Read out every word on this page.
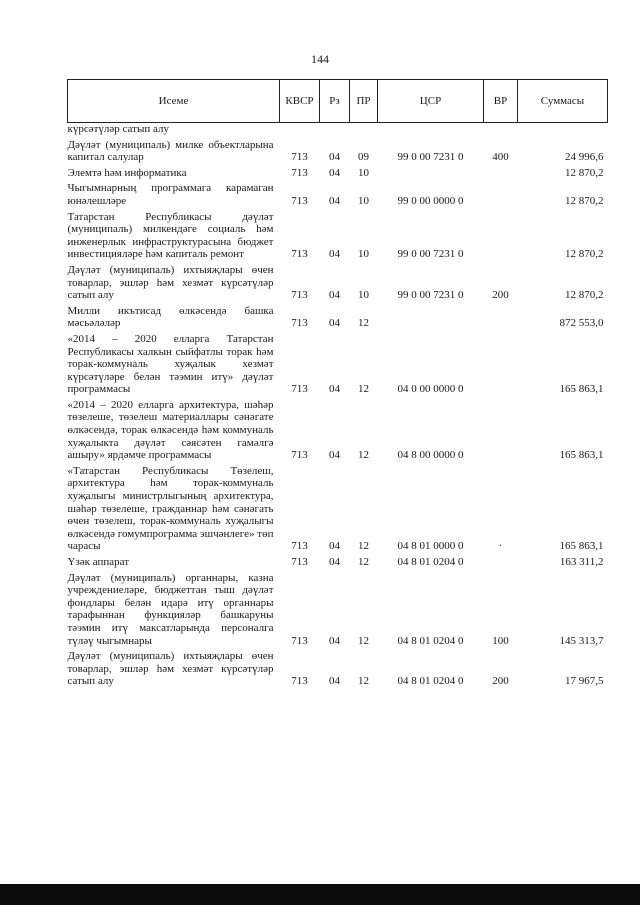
144
Исеме	КВСР	Рз	ПР	ЦСР	ВР	Суммасы
күрсәтүләр сатып алу						
Дәүләт (муниципаль) милке объектларына капитал салулар	713	04	09	99 0 00 7231 0	400	24 996,6
Элемтә һәм информатика	713	04	10			12 870,2
Чыгымнарның программага карамаган юнәлешләре	713	04	10	99 0 00 0000 0		12 870,2
Татарстан Республикасы дәүләт (муниципаль) милкендәге социаль һәм инженерлык инфраструктурасына бюджет инвестицияләре һәм капиталь ремонт	713	04	10	99 0 00 7231 0		12 870,2
Дәүләт (муниципаль) ихтыяҗлары өчен товарлар, эшләр һәм хезмәт күрсәтүләр сатып алу	713	04	10	99 0 00 7231 0	200	12 870,2
Милли икътисад өлкәсендә башка мәсьәләләр	713	04	12			872 553,0
«2014 – 2020 елларга Татарстан Республикасы халкын сыйфатлы торак һәм торак-коммуналь хуҗалык хезмәт күрсәтүләре белән тәэмин итү» дәүләт программасы	713	04	12	04 0 00 0000 0		165 863,1
«2014 – 2020 елларга архитектура, шәһәр төзелеше, төзелеш материаллары сәнәгате өлкәсендә, торак өлкәсендә һәм коммуналь хуҗалыкта дәүләт сәясәтен гамәлгә ашыру» ярдәмче программасы	713	04	12	04 8 00 0000 0		165 863,1
«Татарстан Республикасы Төзелеш, архитектура һәм торак-коммуналь хуҗалыгы министрлыгының архитектура, шәһәр төзелеше, гражданнар һәм сәнәгать өчен төзелеш, торак-коммуналь хуҗалыгы өлкәсендә гомумпрограмма эшчәнлеге» төп чарасы	713	04	12	04 8 01 0000 0	·	165 863,1
Үзәк аппарат	713	04	12	04 8 01 0204 0		163 311,2
Дәүләт (муниципаль) органнары, казна учреждениеләре, бюджеттан тыш дәүләт фондлары белән идарә итү органнары тарафыннан функцияләр башкаруны тәэмин итү максатларында персоналга түләү чыгымнары	713	04	12	04 8 01 0204 0	100	145 313,7
Дәүләт (муниципаль) ихтыяҗлары өчен товарлар, эшләр һәм хезмәт күрсәтүләр сатып алу	713	04	12	04 8 01 0204 0	200	17 967,5
